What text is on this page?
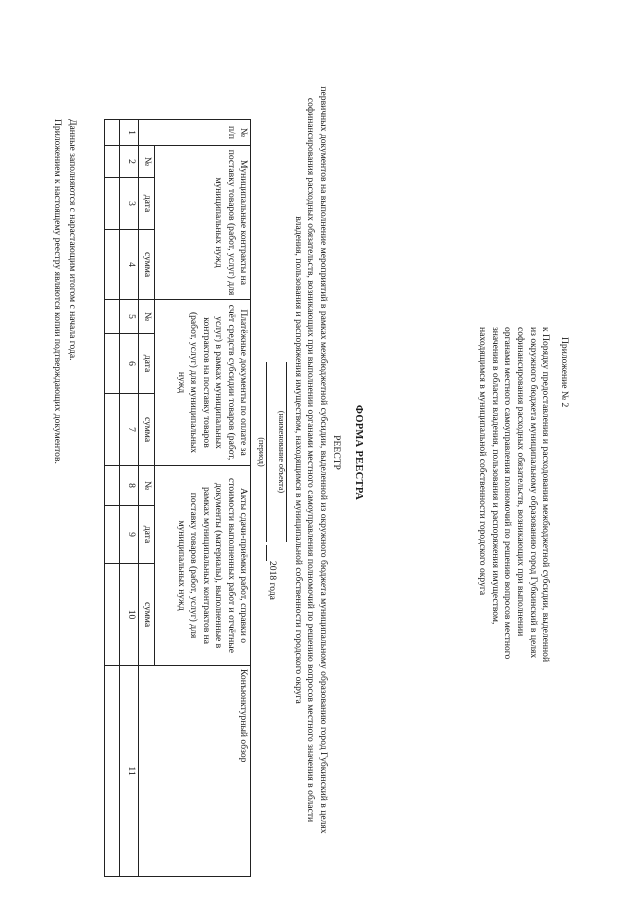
Приложение № 2

к Порядку предоставления и расходования межбюджетной субсидии, выделенной из окружного бюджета муниципальному образованию город Губкинский в целях софинансирования расходных обязательств, возникающих при выполнении органами местного самоуправления полномочий по решению вопросов местного значения в области владения, пользования и распоряжения имуществом, находящимся в муниципальной собственности городского округа

ФОРМА РЕЕСТРА
РЕЕСТР
первичных документов на выполнение мероприятий в рамках межбюджетной субсидии, выделенной из окружного бюджета муниципальному образованию город Губкинский в целях софинансирования расходных обязательств, возникающих при выполнении органами местного самоуправления полномочий по решению вопросов местного значения в области владения, пользования и распоряжения имуществом, находящимся в муниципальной собственности городского округа
(наименование объекта)
(период)
2018 года
№ п/п	Муниципальные контракты на поставку товаров (работ, услуг) для муниципальных нужд			Платёжные документы по оплате за счёт средств субсидии товаров (работ, услуг) в рамках муниципальных контрактов на поставку товаров (работ, услуг) для муниципальных нужд			Акты сдачи-приёмки работ, справки о стоимости выполненных работ и отчётные документы (материалы), выполненные в рамках муниципальных контрактов на поставку товаров (работ, услуг) для муниципальных нужд			Конъюнктурный обзор
	№	дата	сумма	№	дата	сумма	№	дата	сумма	
1	2	3	4	5	6	7	8	9	10	11

Данные заполняются с нарастающим итогом с начала года.

Приложением к настоящему реестру являются копии подтверждающих документов.
